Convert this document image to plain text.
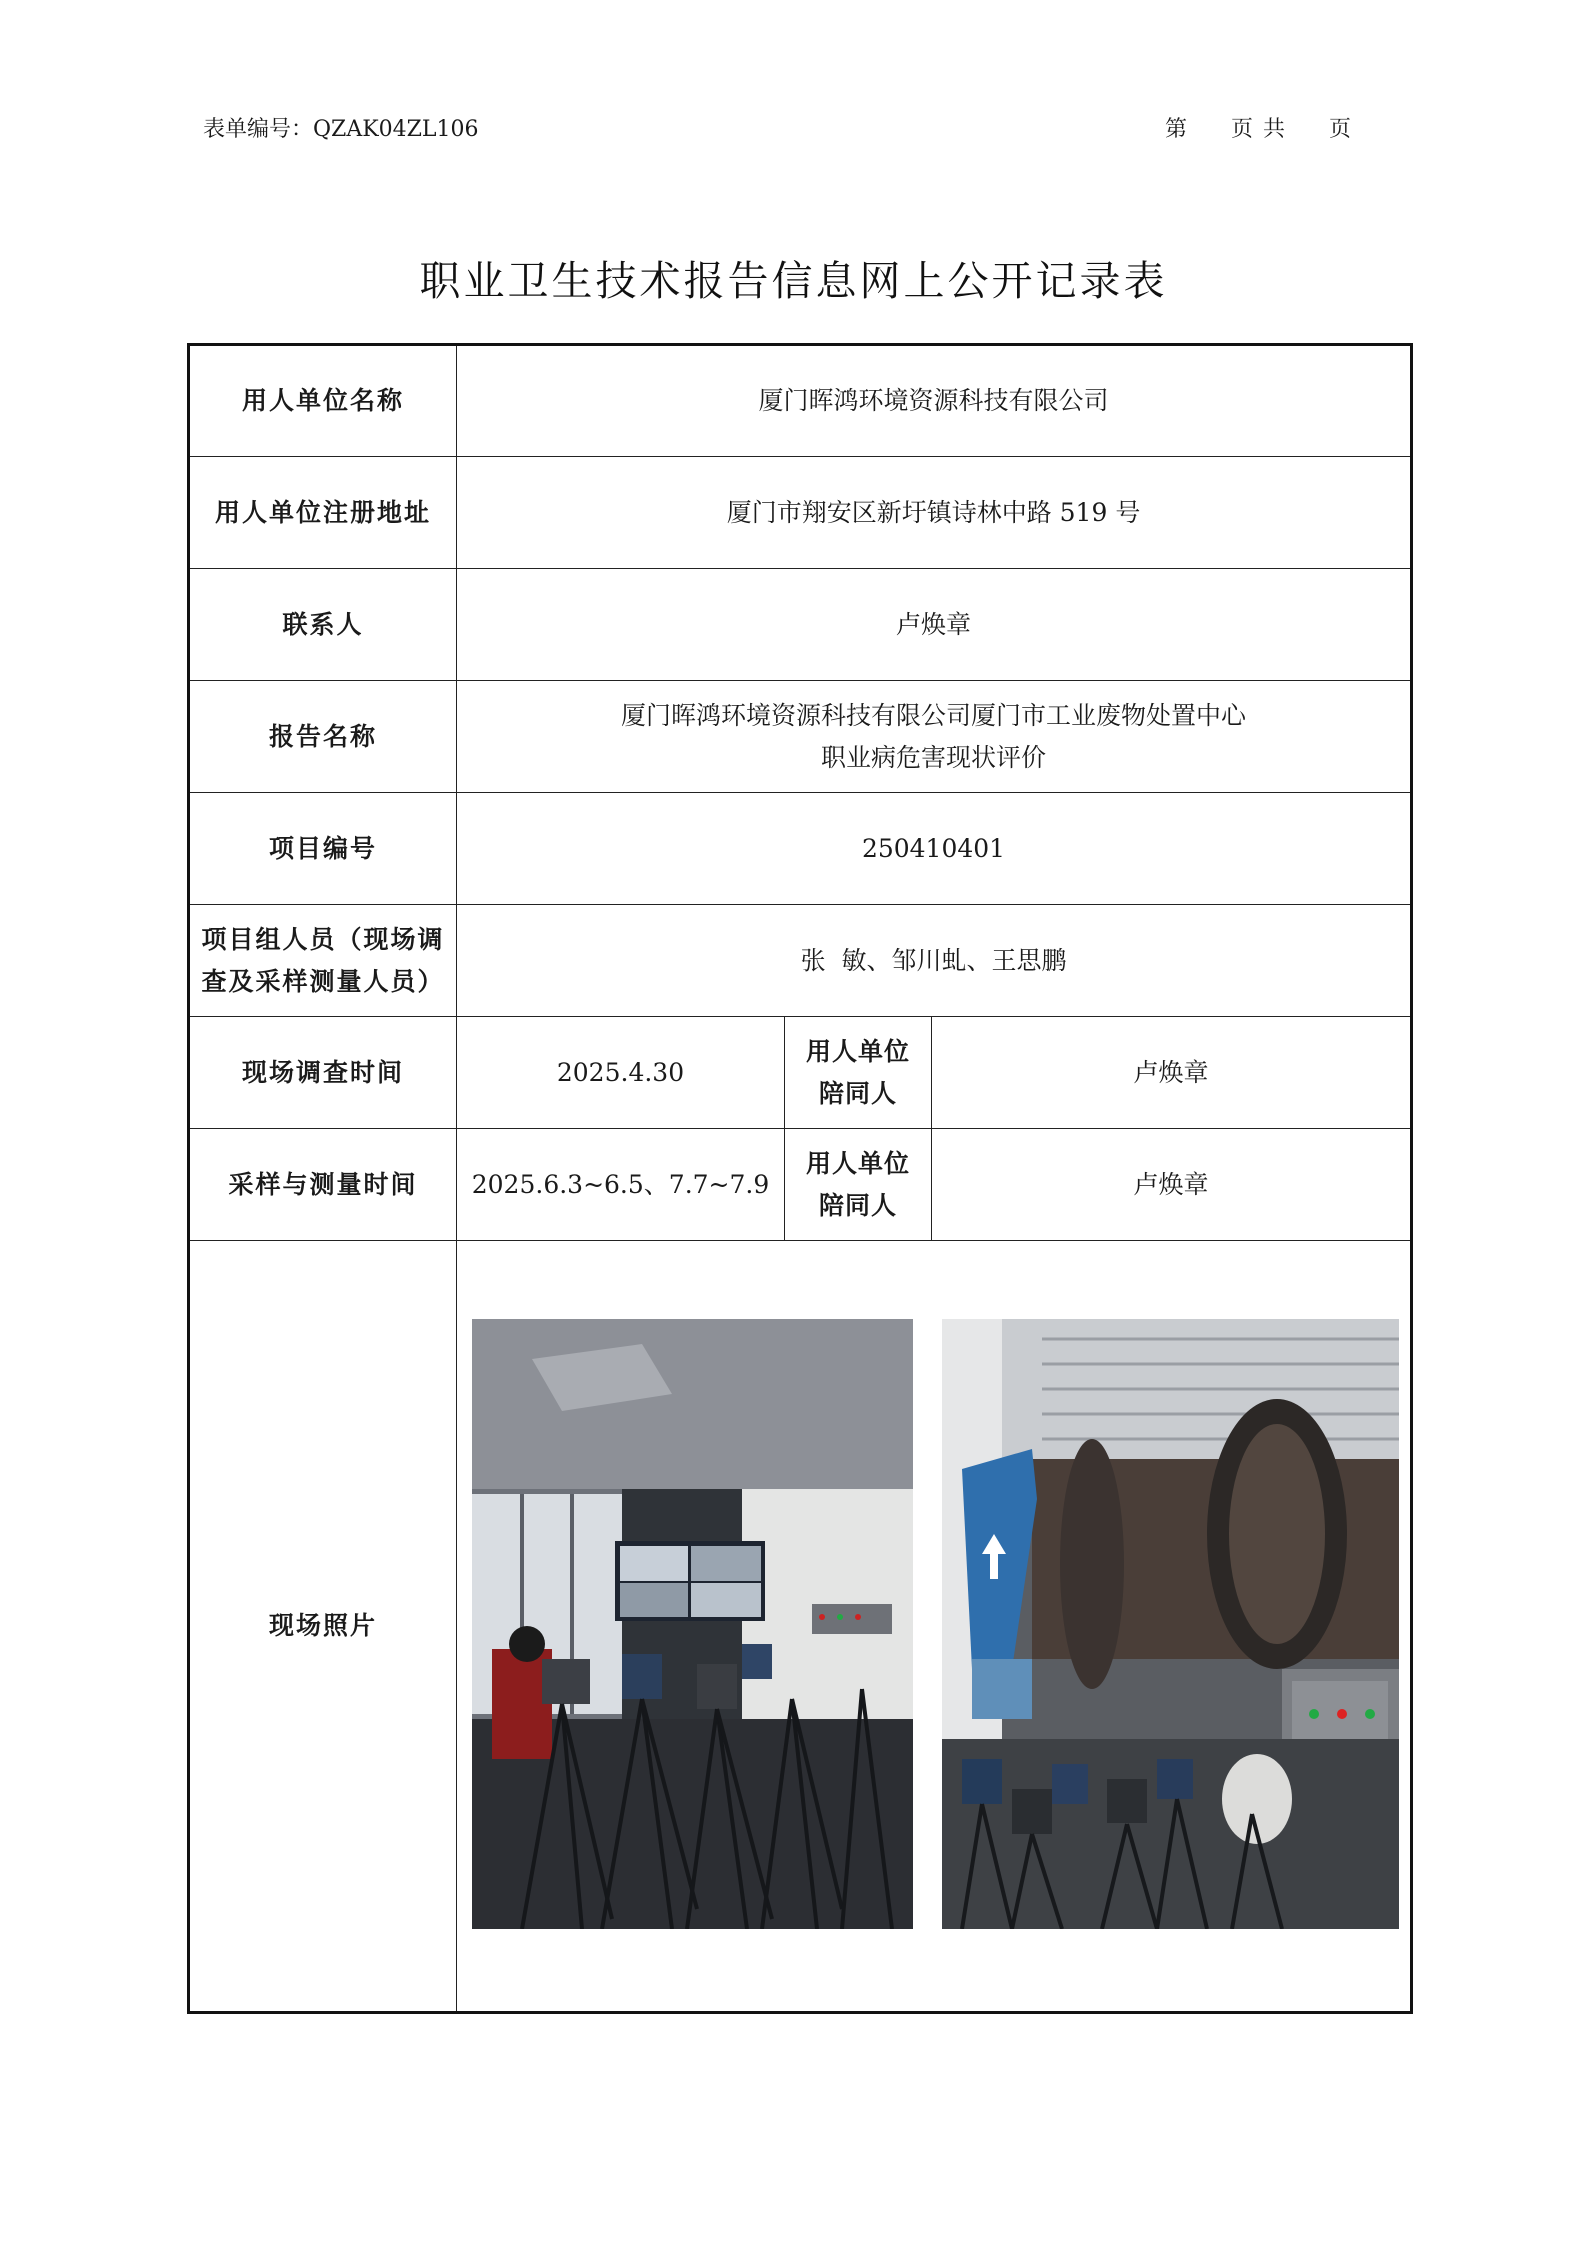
表单编号：QZAK04ZL106	第 页 共 页
职业卫生技术报告信息网上公开记录表
用人单位名称	厦门晖鸿环境资源科技有限公司		
用人单位注册地址	厦门市翔安区新圩镇诗林中路 519 号		
联系人	卢焕章		
报告名称	厦门晖鸿环境资源科技有限公司厦门市工业废物处置中心
职业病危害现状评价		

项目编号	250410401		

项目组人员（现场调
查及采样测量人员）	张  敏、邹川虬、王思鹏		
现场调查时间	2025.4.30	用人单位
陪同人	卢焕章
采样与测量时间	2025.6.3~6.5、7.7~7.9	用人单位
陪同人	卢焕章
现场照片	
